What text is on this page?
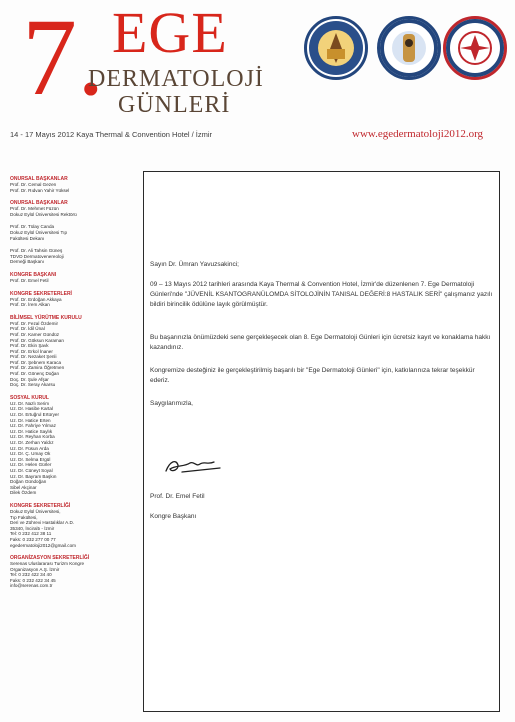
7. EGE
DERMATOLOJİ
GÜNLERİ
14 - 17 Mayıs 2012 Kaya Thermal & Convention Hotel / İzmir	www.egedermatoloji2012.org
ONURSAL BAŞKANLAR
Prof. Dr. Cemal Gezen
Prof. Dr. Rıdvan Yahir Yüksel
ONURSAL BAŞKANLAR
Prof. Dr. Mehmet Füzün
Dokuz Eylül Üniversitesi Rektörü
Prof. Dr. Tülay Canda
Dokuz Eylül Üniversitesi Tıp
Fakültesi Dekanı
Prof. Dr. Ali Tahsin Güneş
TDVD Dermatovenereoloji
Derneği Başkanı
KONGRE BAŞKANI
Prof. Dr. Emel Fetil
KONGRE SEKRETERLERİ
Prof. Dr. Erdoğan Akkaya
Prof. Dr. İrem Alkan
BİLİMSEL YÜRÜTME KURULU
Prof. Dr. Fezal Özdemir
Prof. Dr. İdil Ünal
Prof. Dr. Kamer Gündüz
Prof. Dr. Göksun Karaman
Prof. Dr. Ekin Şavk
Prof. Dr. Erkol İnaner
Prof. Dr. Nezaket Şenli
Prof. Dr. Şebnem Karaca
Prof. Dr. Zamira Öğretmen
Prof. Dr. Gönenç Doğan
Doç. Dr. Şule Afşar
Doç. Dr. Seray Akarsu
SOSYAL KURUL
Uz. Dr. Nazlı Serim
Uz. Dr. Hasibe Kartal
Uz. Dr. Ertuğrul Ertüryer
Uz. Dr. Hatice Erten
Uz. Dr. Fahriye Yılmaz
Uz. Dr. Hatice Saylık
Uz. Dr. Reyhan Korba
Uz. Dr. Zerhan Yaldız
Uz. Dr. Füsun Arda
Uz. Dr. Ç. Umay Ok
Uz. Dr. Selma Ergül
Uz. Dr. Helen Gürler
Uz. Dr. Cüneyt Soyal
Uz. Dr. Bayram Başkın
Doğan Gündoğan
Sibel Akçinar
Dilek Özdem
KONGRE SEKRETERLİĞİ
Dokuz Eylül Üniversitesi,
Tıp Fakültesi,
Deri ve Zührevi Hastalıklar A.D.
35340, İnciraltı - İzmir
Tel: 0 232 412 38 11
Faks: 0 232 277 00 77
egedermatoloji2012@gmail.com
ORGANİZASYON SEKRETERLİĞİ
Serenas Uluslararası Turizm Kongre
Organizasyon A.Ş. İzmir
Tel: 0 232 422 34 40
Faks: 0 232 422 34 45
info@serenas.com.tr

Sayın Dr. Ümran Yavuzsakinci;

09 – 13 Mayıs 2012 tarihleri arasında Kaya Thermal & Convention Hotel, İzmir'de düzenlenen 7. Ege Dermatoloji Günleri'nde "JÜVENİL KSANTOGRANÜLOMDA SİTOLOJİNİN TANISAL DEĞERİ:8 HASTALIK SERİ" çalışmanız yazılı bildiri birincilik ödülüne layık görülmüştür.

Bu başarınızla önümüzdeki sene gerçekleşecek olan 8. Ege Dermatoloji Günleri için ücretsiz kayıt ve konaklama hakkı kazandınız.

Kongremize desteğiniz ile gerçekleştirilmiş başarılı bir "Ege Dermatoloji Günleri" için, katkılarınıza tekrar teşekkür ederiz.

Saygılarımızla,

Prof. Dr. Emel Fetil

Kongre Başkanı
